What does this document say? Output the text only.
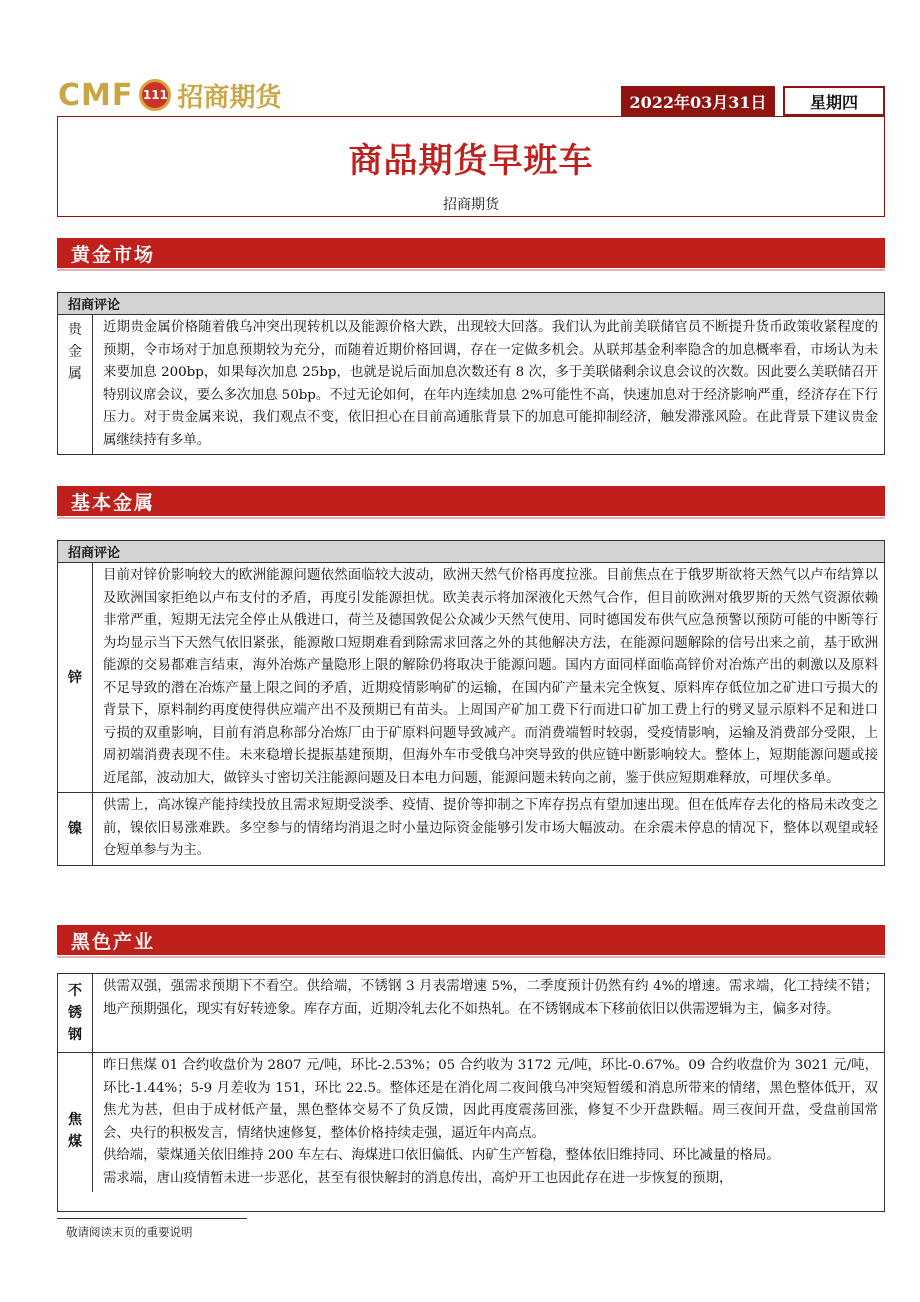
CMF 111 招商期货	2022年03月31日	星期四
商品期货早班车
招商期货
黄金市场
招商评论
贵金属
近期贵金属价格随着俄乌冲突出现转机以及能源价格大跌，出现较大回落。我们认为此前美联储官员不断提升货币政策收紧程度的预期，令市场对于加息预期较为充分，而随着近期价格回调，存在一定做多机会。从联邦基金利率隐含的加息概率看，市场认为未来要加息 200bp，如果每次加息 25bp，也就是说后面加息次数还有 8 次，多于美联储剩余议息会议的次数。因此要么美联储召开特别议席会议，要么多次加息 50bp。不过无论如何，在年内连续加息 2%可能性不高，快速加息对于经济影响严重，经济存在下行压力。对于贵金属来说，我们观点不变，依旧担心在目前高通胀背景下的加息可能抑制经济，触发滞涨风险。在此背景下建议贵金属继续持有多单。
基本金属
招商评论
锌
目前对锌价影响较大的欧洲能源问题依然面临较大波动，欧洲天然气价格再度拉涨。目前焦点在于俄罗斯欲将天然气以卢布结算以及欧洲国家拒绝以卢布支付的矛盾，再度引发能源担忧。欧美表示将加深液化天然气合作，但目前欧洲对俄罗斯的天然气资源依赖非常严重，短期无法完全停止从俄进口，荷兰及德国敦促公众减少天然气使用、同时德国发布供气应急预警以预防可能的中断等行为均显示当下天然气依旧紧张，能源敞口短期难看到除需求回落之外的其他解决方法，在能源问题解除的信号出来之前，基于欧洲能源的交易都难言结束，海外冶炼产量隐形上限的解除仍将取决于能源问题。国内方面同样面临高锌价对冶炼产出的刺激以及原料不足导致的潜在冶炼产量上限之间的矛盾，近期疫情影响矿的运输，在国内矿产量未完全恢复、原料库存低位加之矿进口亏损大的背景下，原料制约再度使得供应端产出不及预期已有苗头。上周国产矿加工费下行而进口矿加工费上行的劈叉显示原料不足和进口亏损的双重影响，目前有消息称部分冶炼厂由于矿原料问题导致减产。而消费端暂时较弱，受疫情影响，运输及消费部分受限，上周初端消费表现不佳。未来稳增长提振基建预期，但海外车市受俄乌冲突导致的供应链中断影响较大。整体上，短期能源问题或接近尾部，波动加大，做锌头寸密切关注能源问题及日本电力问题，能源问题未转向之前，鉴于供应短期难释放，可埋伏多单。
镍
供需上，高冰镍产能持续投放且需求短期受淡季、疫情、提价等抑制之下库存拐点有望加速出现。但在低库存去化的格局未改变之前，镍依旧易涨难跌。多空参与的情绪均消退之时小量边际资金能够引发市场大幅波动。在余震未停息的情况下，整体以观望或轻仓短单参与为主。
黑色产业
不锈钢
供需双强，强需求预期下不看空。供给端，不锈钢 3 月表需增速 5%，二季度预计仍然有约 4%的增速。需求端，化工持续不错；地产预期强化，现实有好转迹象。库存方面，近期冷轧去化不如热轧。在不锈钢成本下移前依旧以供需逻辑为主，偏多对待。
焦煤

昨日焦煤 01 合约收盘价为 2807 元/吨，环比-2.53%；05 合约收为 3172 元/吨，环比-0.67%。09 合约收盘价为 3021 元/吨，环比-1.44%；5-9 月差收为 151，环比 22.5。整体还是在消化周二夜间俄乌冲突短暂缓和消息所带来的情绪，黑色整体低开，双焦尤为甚，但由于成材低产量，黑色整体交易不了负反馈，因此再度震荡回涨，修复不少开盘跌幅。周三夜间开盘，受盘前国常会、央行的积极发言，情绪快速修复，整体价格持续走强，逼近年内高点。

供给端，蒙煤通关依旧维持 200 车左右、海煤进口依旧偏低、内矿生产暂稳，整体依旧维持同、环比减量的格局。

需求端，唐山疫情暂未进一步恶化，甚至有很快解封的消息传出，高炉开工也因此存在进一步恢复的预期，

敬请阅读末页的重要说明
